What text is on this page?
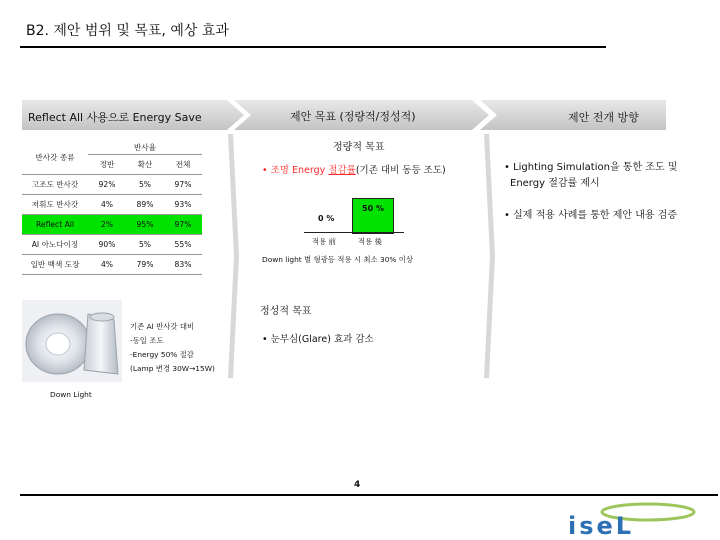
B2. 제안 범위 및 목표, 예상 효과
Reflect All 사용으로 Energy Save	제안 목표 (정량적/정성적)	제안 전개 방향
반사갓 종류	반사율		
	정반	확산	전체
고조도 반사갓	92%	5%	97%
저휘도 반사갓	4%	89%	93%
Reflect All	2%	95%	97%
AI 아노다이징	90%	5%	55%
일반 백색 도장	4%	79%	83%
정량적 목표
• 조명 Energy 절감률(기존 대비 동등 조도)
0 %
50 %
적용 前	적용 後
Down light 별 형광등 적용 시 최소 30% 이상
정성적 목표
• 눈부심(Glare) 효과 감소
기존 Al 반사갓 대비
-동일 조도
-Energy 50% 절감
(Lamp 변경 30W→15W)
Down Light
• Lighting Simulation을 통한 조도 및
Energy 절감률 제시
• 실제 적용 사례를 통한 제안 내용 검증
4
iseL
